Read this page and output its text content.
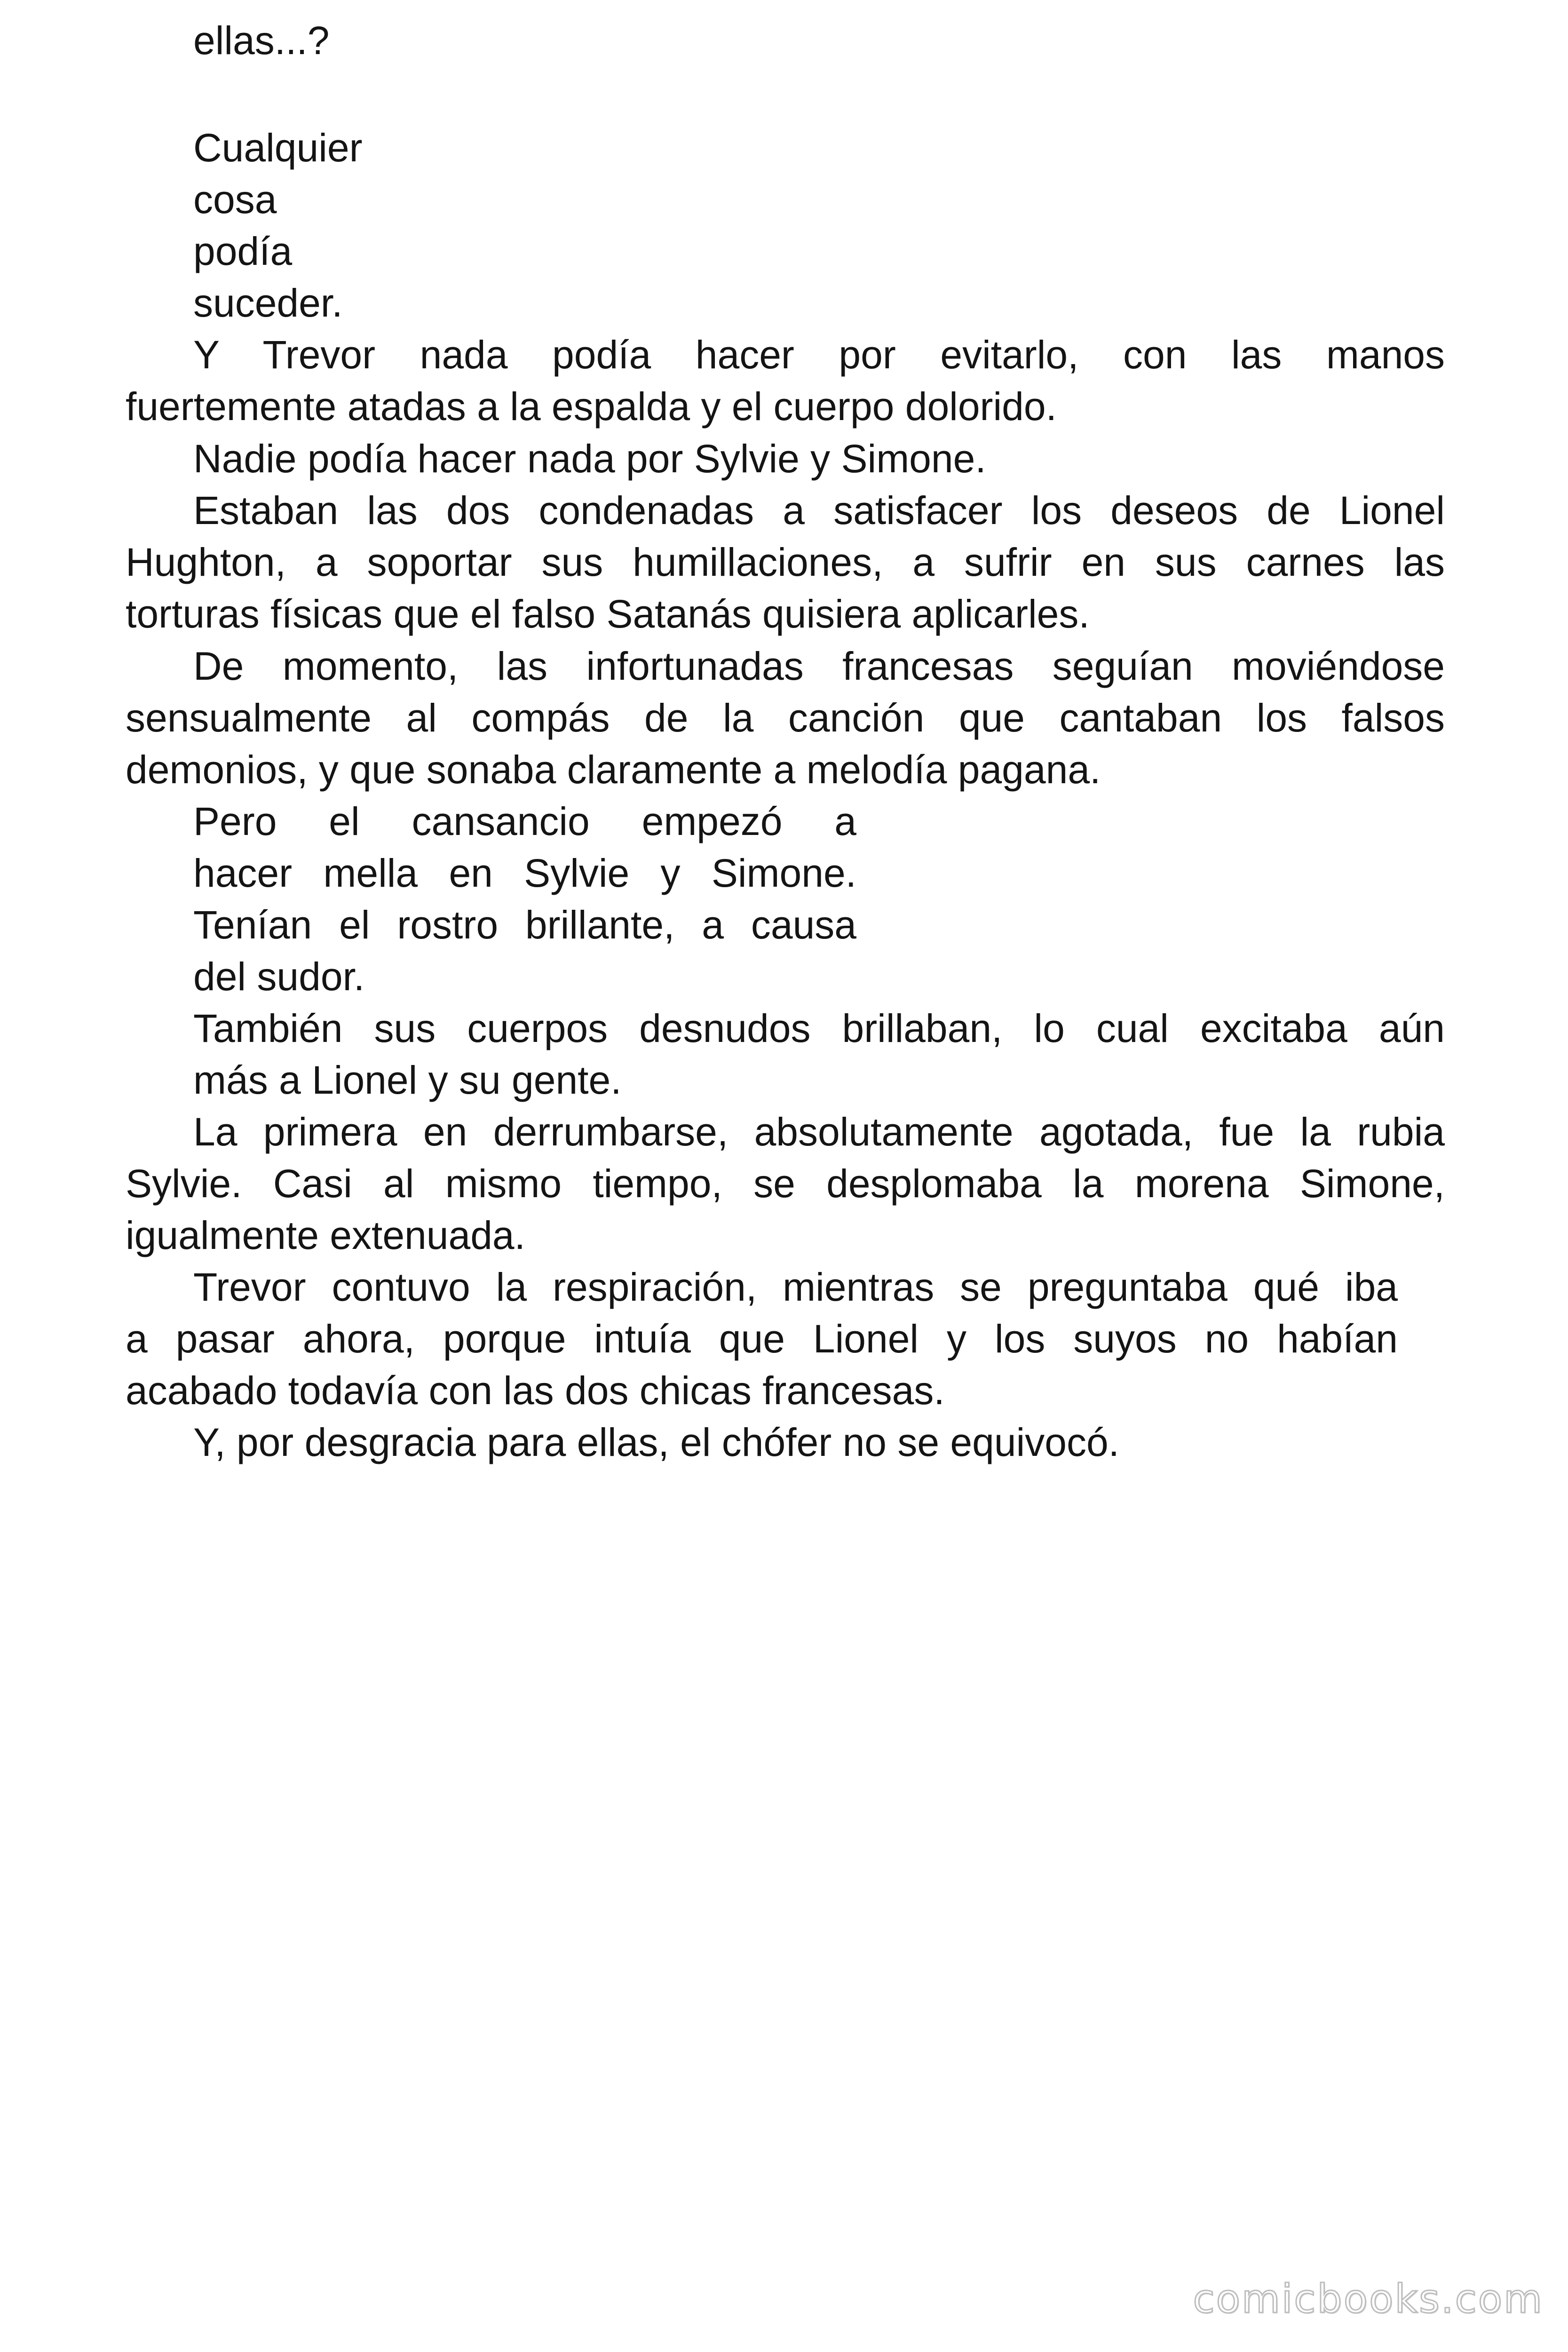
ellas...?

Cualquier

cosa

podía

suceder.

Y Trevor nada podía hacer por evitarlo, con las manos

fuertemente atadas a la espalda y el cuerpo dolorido.

Nadie podía hacer nada por Sylvie y Simone.

Estaban las dos condenadas a satisfacer los deseos de Lionel

Hughton, a soportar sus humillaciones, a sufrir en sus carnes las

torturas físicas que el falso Satanás quisiera aplicarles.

De momento, las infortunadas francesas seguían moviéndose

sensualmente al compás de la canción que cantaban los falsos

demonios, y que sonaba claramente a melodía pagana.

Pero el cansancio empezó a

hacer mella en Sylvie y Simone.

Tenían el rostro brillante, a causa

del sudor.

También sus cuerpos desnudos brillaban, lo cual excitaba aún

más a Lionel y su gente.

La primera en derrumbarse, absolutamente agotada, fue la rubia

Sylvie. Casi al mismo tiempo, se desplomaba la morena Simone,

igualmente extenuada.

Trevor contuvo la respiración, mientras se preguntaba qué iba

a pasar ahora, porque intuía que Lionel y los suyos no habían

acabado todavía con las dos chicas francesas.

Y, por desgracia para ellas, el chófer no se equivocó.

comicbooks.com
